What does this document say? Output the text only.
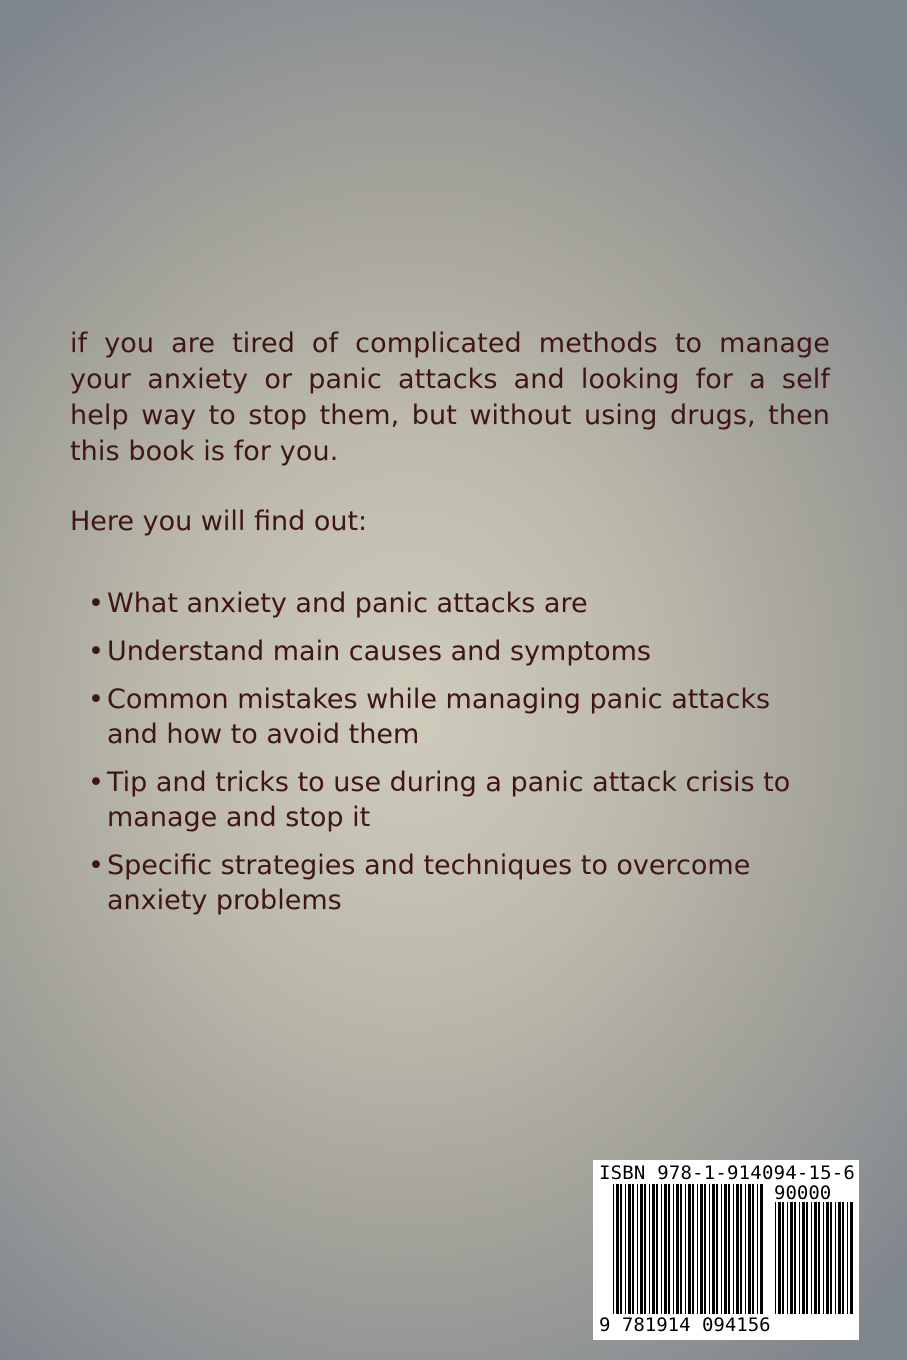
if you are tired of complicated methods to manage your anxiety or panic attacks and looking for a self help way to stop them, but without using drugs, then this book is for you.

Here you will find out:

• What anxiety and panic attacks are
• Understand main causes and symptoms
• Common mistakes while managing panic attacks and how to avoid them
• Tip and tricks to use during a panic attack crisis to manage and stop it
• Specific strategies and techniques to overcome anxiety problems
ISBN 978-1-914094-15-6
90000
9 781914 094156
